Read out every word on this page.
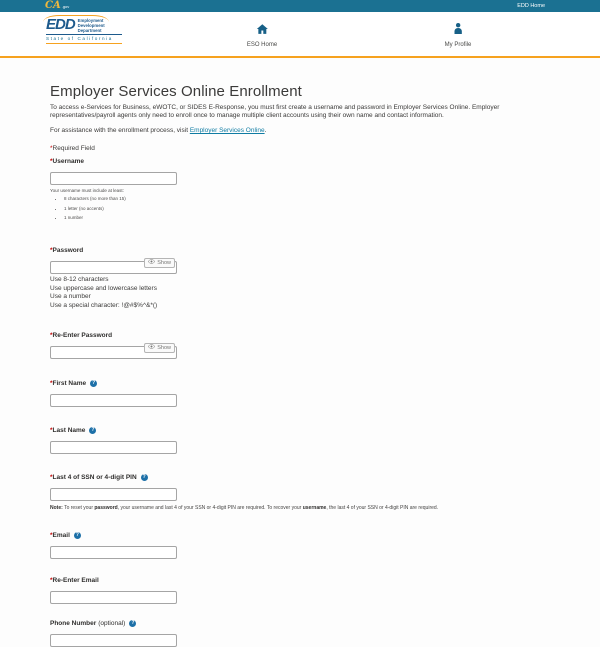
CA .gov	EDD Home
EDD Employment
Development
Department
State of California
ESO Home	My Profile
Employer Services Online Enrollment

To access e-Services for Business, eWOTC, or SIDES E-Response, you must first create a username and password in Employer Services Online. Employer representatives/payroll agents only need to enroll once to manage multiple client accounts using their own name and contact information.

For assistance with the enrollment process, visit Employer Services Online.

*Required Field

* Username
Your username must include at least:
• 8 characters (no more than 15)
• 1 letter (no accents)
• 1 number
* Password
Show
Use 8-12 characters
Use uppercase and lowercase letters
Use a number
Use a special character: !@#$%^&*()
* Re-Enter Password
Show
* First Name	?
* Last Name	?
* Last 4 of SSN or 4-digit PIN	?
Note: To reset your password, your username and last 4 of your SSN or 4-digit PIN are required. To recover your username, the last 4 of your SSN or 4-digit PIN are required.
* Email	?
* Re-Enter Email
Phone Number (optional)	?
